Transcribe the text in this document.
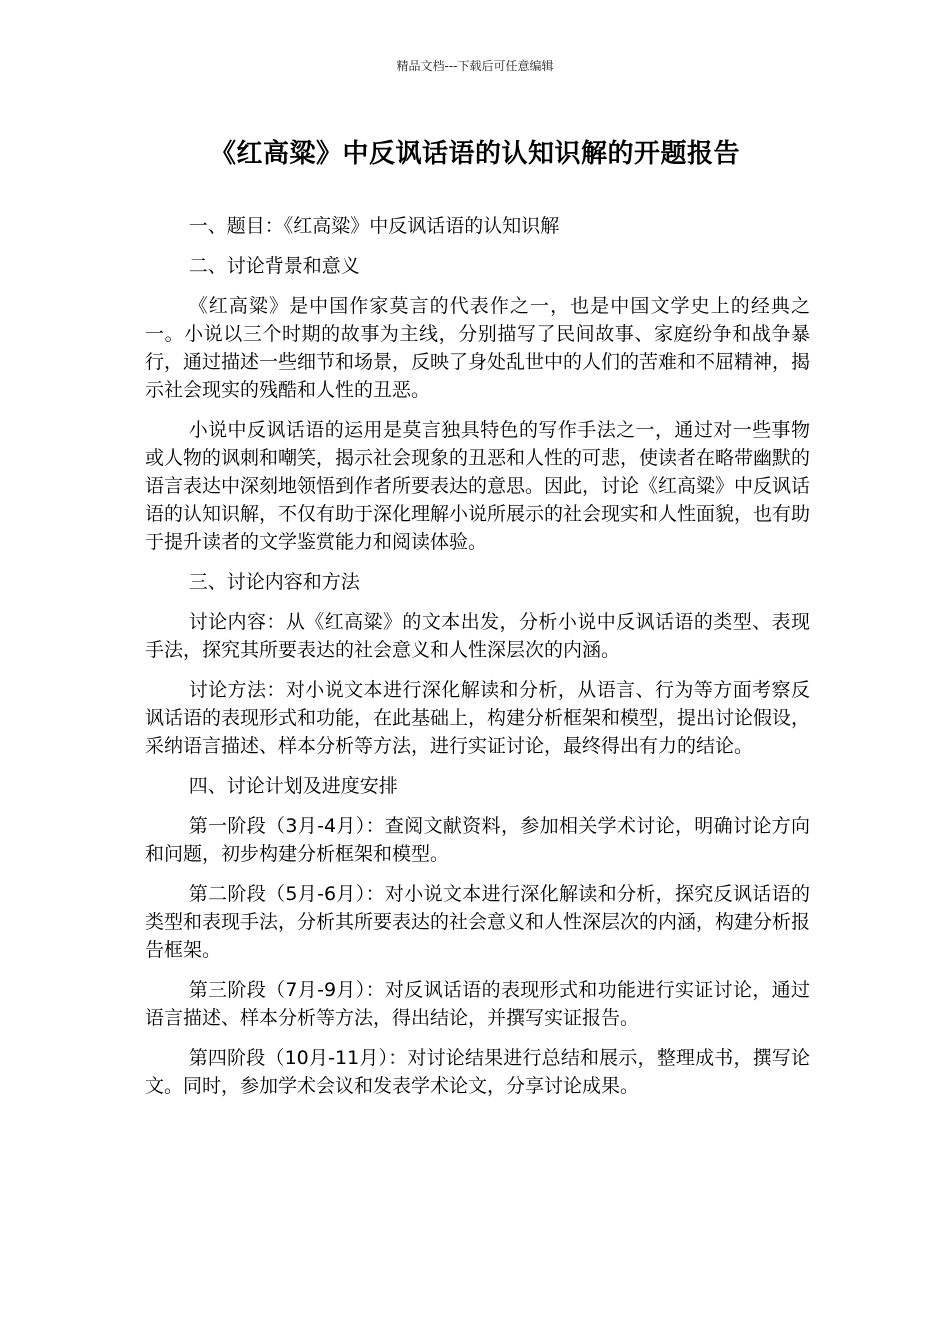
精品文档---下载后可任意编辑
《红高粱》中反讽话语的认知识解的开题报告

一、题目：《红高粱》中反讽话语的认知识解

二、讨论背景和意义

《红高粱》是中国作家莫言的代表作之一，也是中国文学史上的经典之一。小说以三个时期的故事为主线，分别描写了民间故事、家庭纷争和战争暴行，通过描述一些细节和场景，反映了身处乱世中的人们的苦难和不屈精神，揭示社会现实的残酷和人性的丑恶。

小说中反讽话语的运用是莫言独具特色的写作手法之一，通过对一些事物或人物的讽刺和嘲笑，揭示社会现象的丑恶和人性的可悲，使读者在略带幽默的语言表达中深刻地领悟到作者所要表达的意思。因此，讨论《红高粱》中反讽话语的认知识解，不仅有助于深化理解小说所展示的社会现实和人性面貌，也有助于提升读者的文学鉴赏能力和阅读体验。

三、讨论内容和方法

讨论内容：从《红高粱》的文本出发，分析小说中反讽话语的类型、表现手法，探究其所要表达的社会意义和人性深层次的内涵。

讨论方法：对小说文本进行深化解读和分析，从语言、行为等方面考察反讽话语的表现形式和功能，在此基础上，构建分析框架和模型，提出讨论假设，采纳语言描述、样本分析等方法，进行实证讨论，最终得出有力的结论。

四、讨论计划及进度安排

第一阶段（3月-4月）：查阅文献资料，参加相关学术讨论，明确讨论方向和问题，初步构建分析框架和模型。

第二阶段（5月-6月）：对小说文本进行深化解读和分析，探究反讽话语的类型和表现手法，分析其所要表达的社会意义和人性深层次的内涵，构建分析报告框架。

第三阶段（7月-9月）：对反讽话语的表现形式和功能进行实证讨论，通过语言描述、样本分析等方法，得出结论，并撰写实证报告。

第四阶段（10月-11月）：对讨论结果进行总结和展示，整理成书，撰写论文。同时，参加学术会议和发表学术论文，分享讨论成果。
